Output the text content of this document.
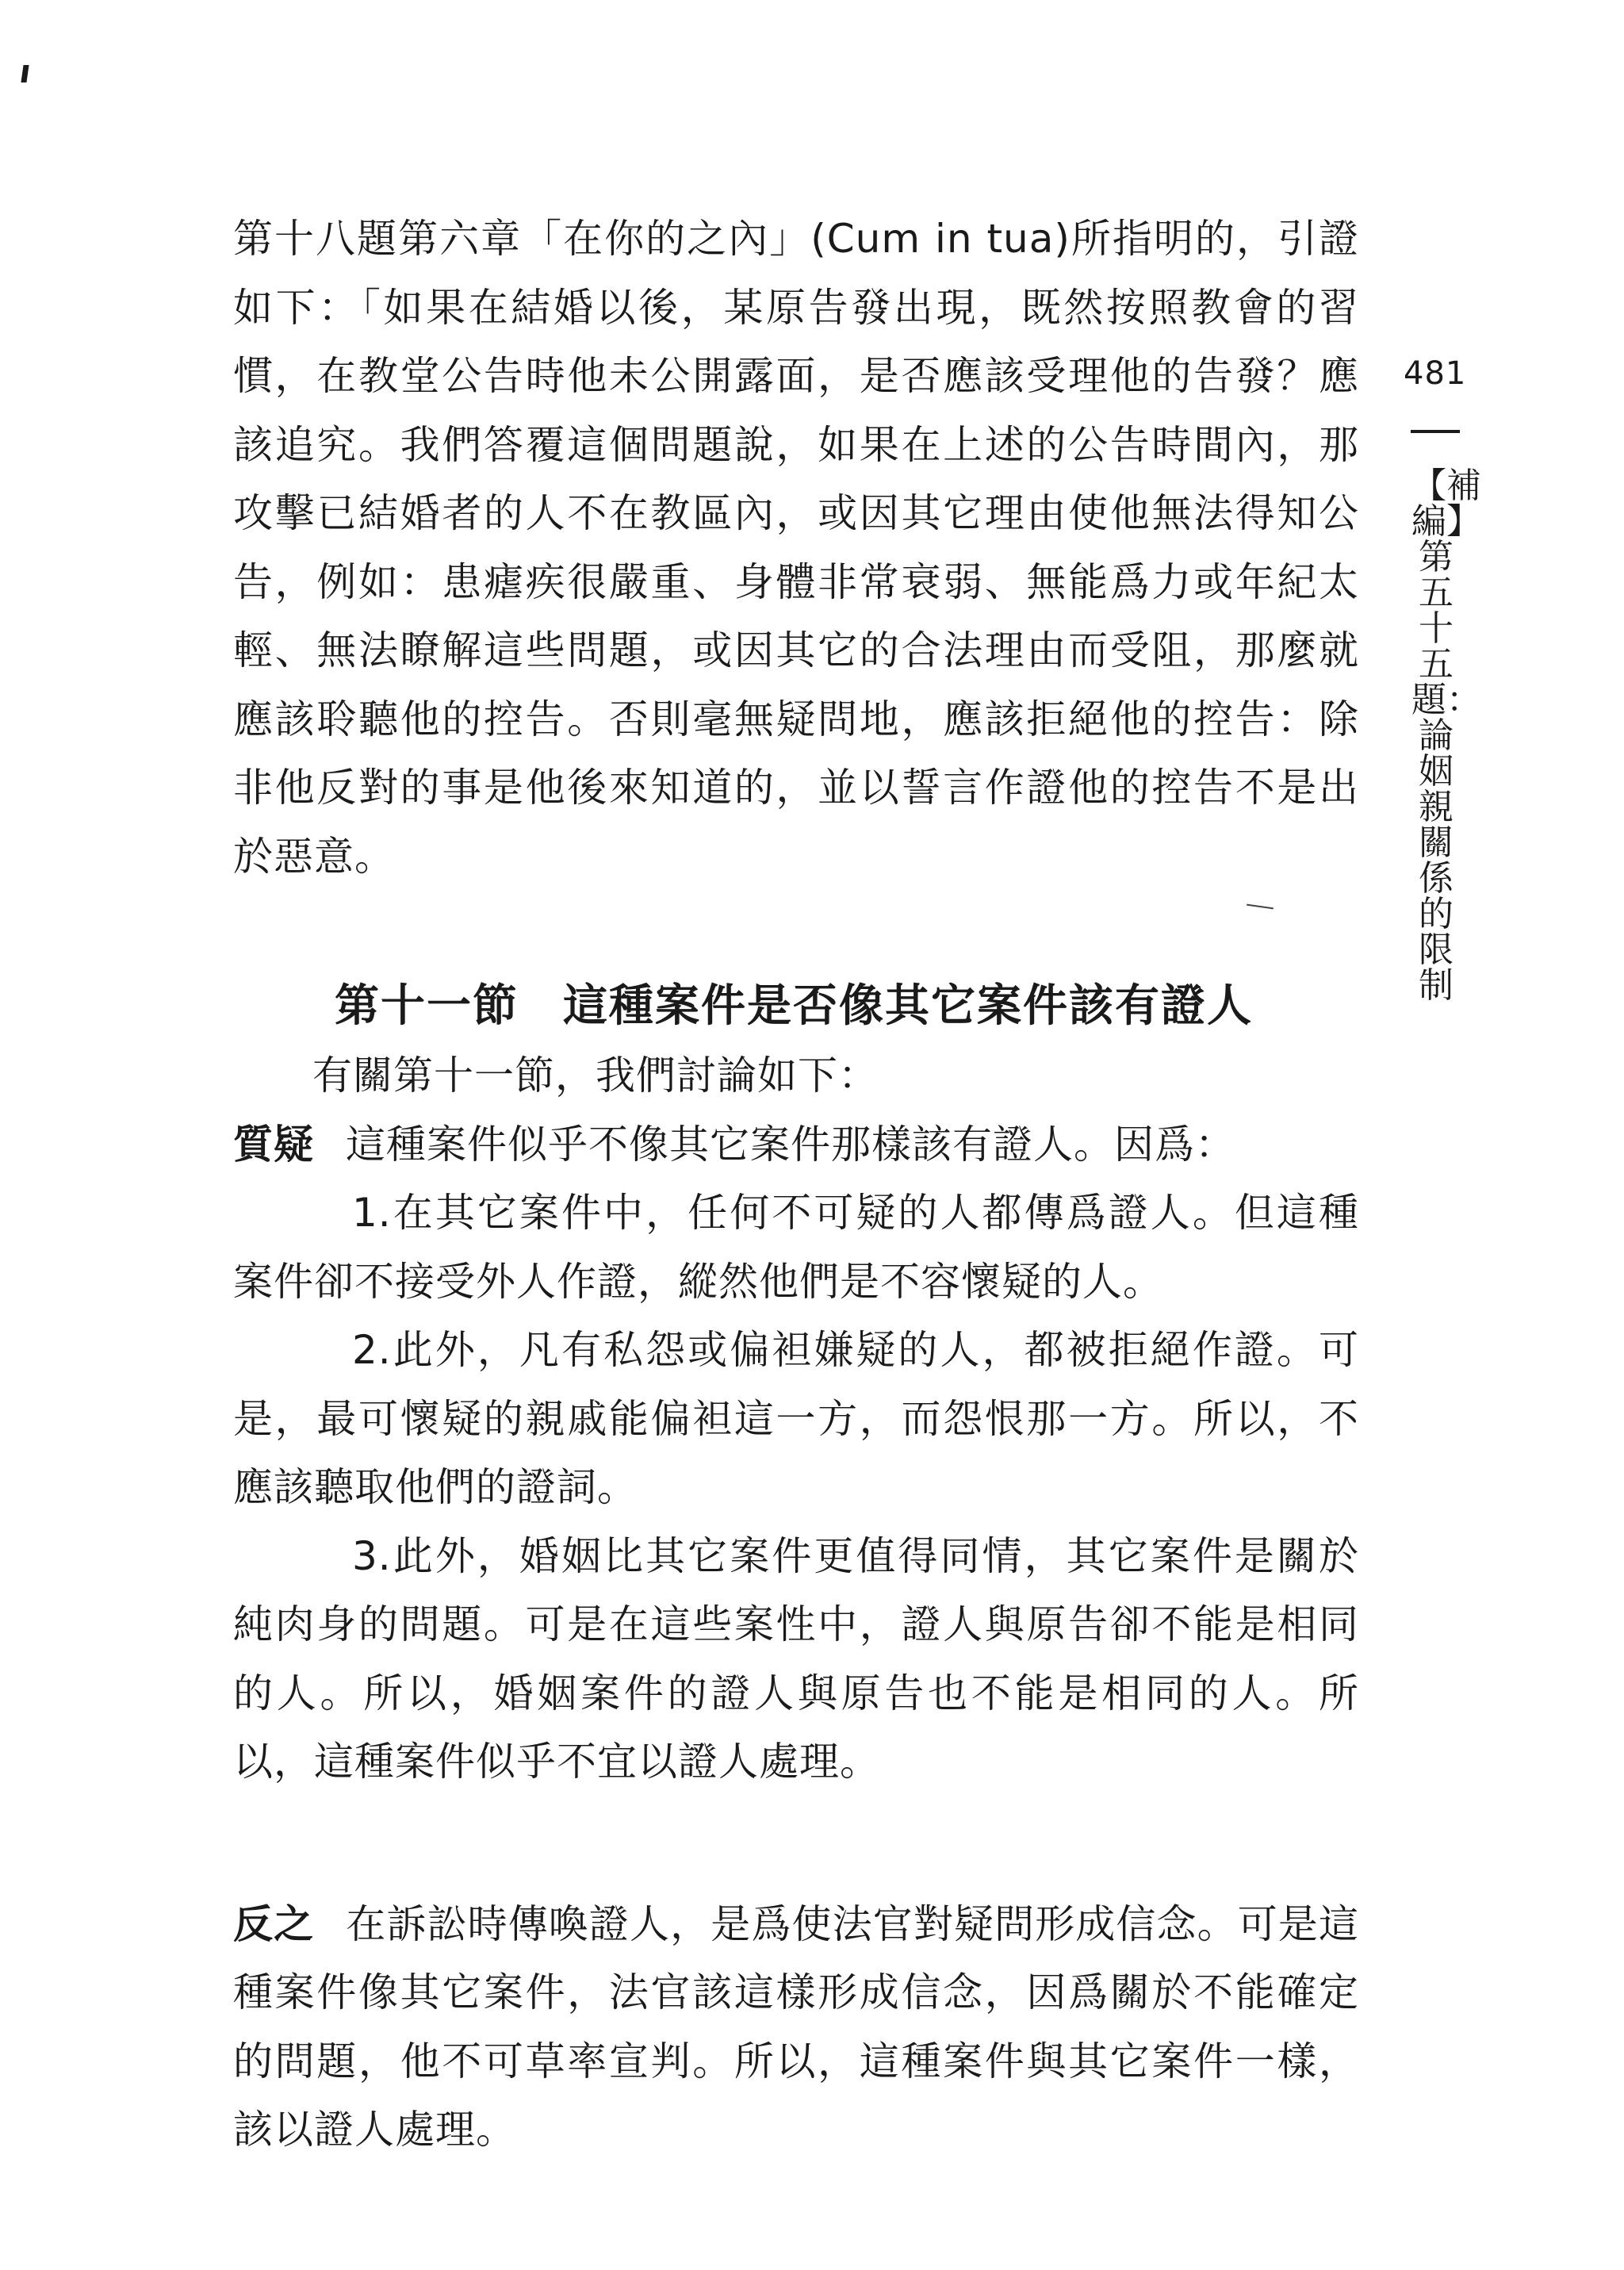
481
【補編】第五十五題：論姻親關係的限制

第十八題第六章「在你的之內」(Cum in tua)所指明的，引證如下：「如果在結婚以後，某原告發出現，既然按照教會的習慣，在教堂公告時他未公開露面，是否應該受理他的告發？應該追究。我們答覆這個問題說，如果在上述的公告時間內，那攻擊已結婚者的人不在教區內，或因其它理由使他無法得知公告，例如：患瘧疾很嚴重、身體非常衰弱、無能爲力或年紀太輕、無法瞭解這些問題，或因其它的合法理由而受阻，那麼就應該聆聽他的控告。否則毫無疑問地，應該拒絕他的控告：除非他反對的事是他後來知道的，並以誓言作證他的控告不是出於惡意。

第十一節 這種案件是否像其它案件該有證人

有關第十一節，我們討論如下：

質疑 這種案件似乎不像其它案件那樣該有證人。因爲：

1.在其它案件中，任何不可疑的人都傳爲證人。但這種案件卻不接受外人作證，縱然他們是不容懷疑的人。

2.此外，凡有私怨或偏袒嫌疑的人，都被拒絕作證。可是，最可懷疑的親戚能偏袒這一方，而怨恨那一方。所以，不應該聽取他們的證詞。

3.此外，婚姻比其它案件更值得同情，其它案件是關於純肉身的問題。可是在這些案性中，證人與原告卻不能是相同的人。所以，婚姻案件的證人與原告也不能是相同的人。所以，這種案件似乎不宜以證人處理。

反之 在訴訟時傳喚證人，是爲使法官對疑問形成信念。可是這種案件像其它案件，法官該這樣形成信念，因爲關於不能確定的問題，他不可草率宣判。所以，這種案件與其它案件一樣，該以證人處理。
